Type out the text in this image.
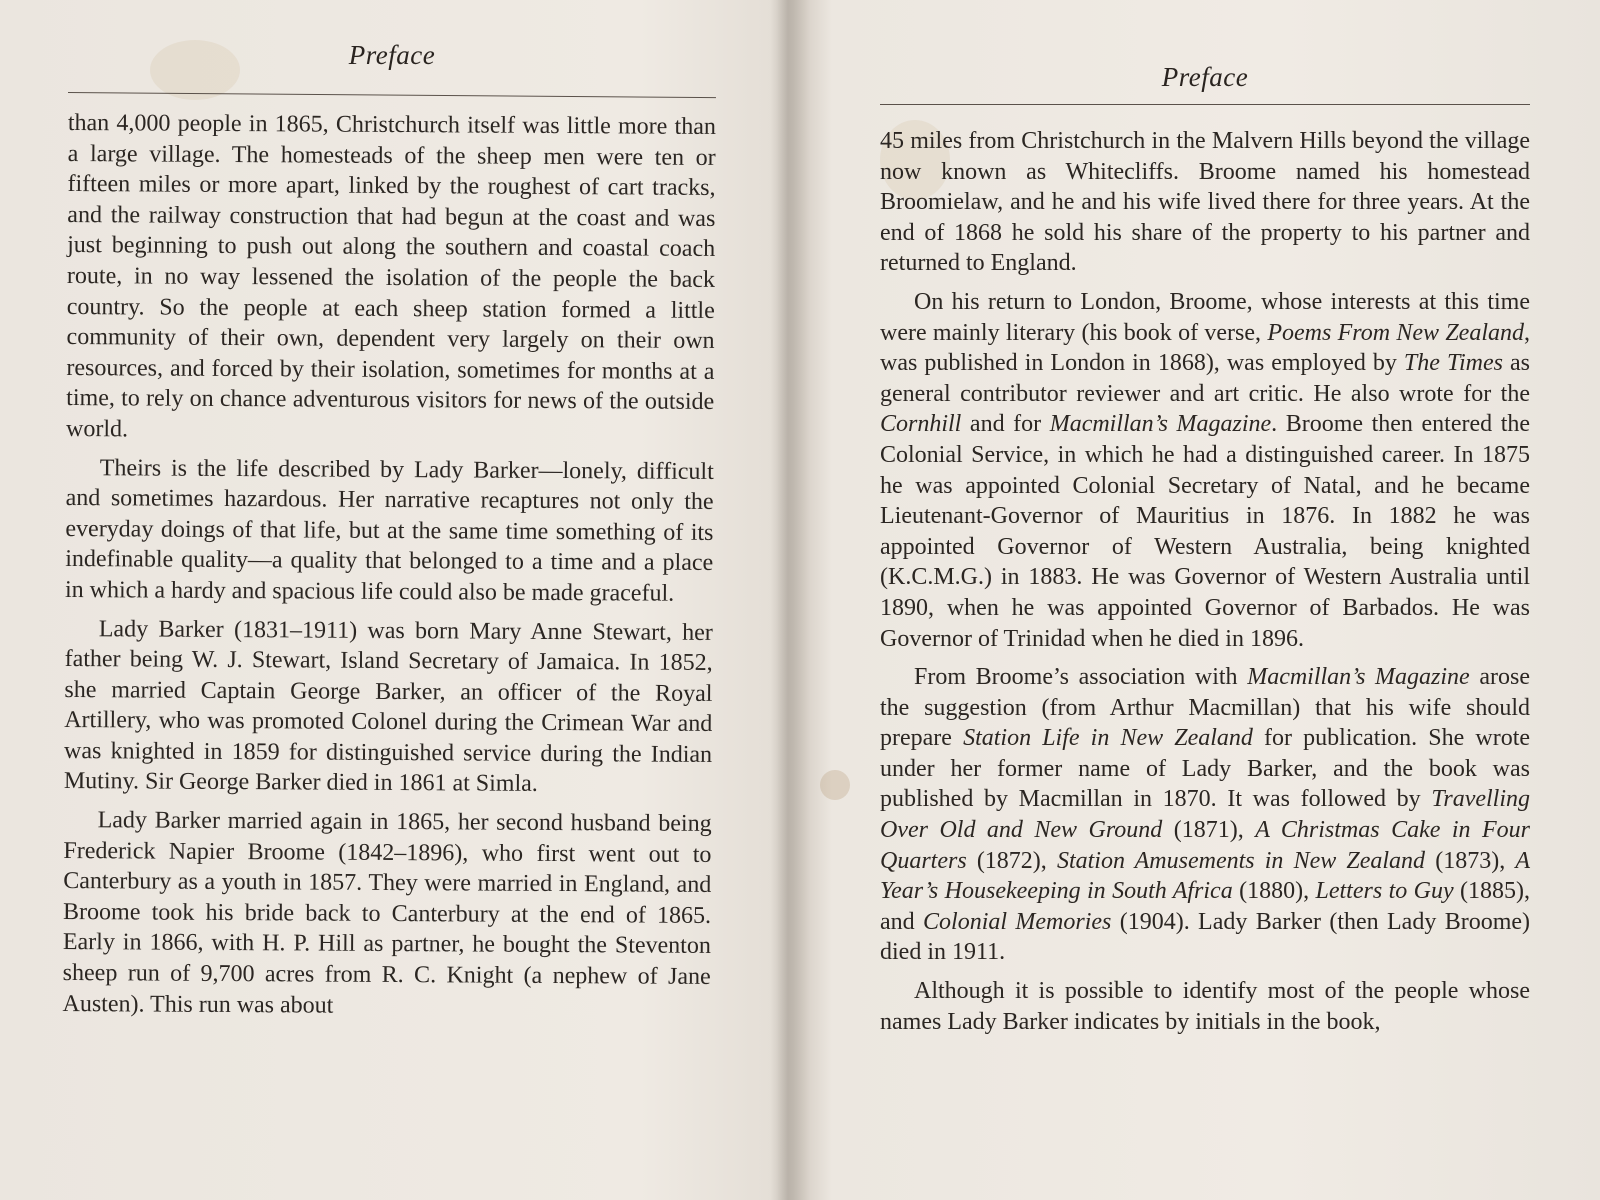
Preface

than 4,000 people in 1865, Christchurch itself was little more than a large village. The homesteads of the sheep men were ten or fifteen miles or more apart, linked by the roughest of cart tracks, and the railway construction that had begun at the coast and was just beginning to push out along the southern and coastal coach route, in no way lessened the isolation of the people the back country. So the people at each sheep station formed a little community of their own, dependent very largely on their own resources, and forced by their isolation, sometimes for months at a time, to rely on chance adventurous visitors for news of the outside world.

Theirs is the life described by Lady Barker—lonely, difficult and sometimes hazardous. Her narrative recaptures not only the everyday doings of that life, but at the same time something of its indefinable quality—a quality that belonged to a time and a place in which a hardy and spacious life could also be made graceful.

Lady Barker (1831–1911) was born Mary Anne Stewart, her father being W. J. Stewart, Island Secretary of Jamaica. In 1852, she married Captain George Barker, an officer of the Royal Artillery, who was promoted Colonel during the Crimean War and was knighted in 1859 for distinguished service during the Indian Mutiny. Sir George Barker died in 1861 at Simla.

Lady Barker married again in 1865, her second husband being Frederick Napier Broome (1842–1896), who first went out to Canterbury as a youth in 1857. They were married in England, and Broome took his bride back to Canterbury at the end of 1865. Early in 1866, with H. P. Hill as partner, he bought the Steventon sheep run of 9,700 acres from R. C. Knight (a nephew of Jane Austen). This run was about

Preface

45 miles from Christchurch in the Malvern Hills beyond the village now known as Whitecliffs. Broome named his homestead Broomielaw, and he and his wife lived there for three years. At the end of 1868 he sold his share of the property to his partner and returned to England.

On his return to London, Broome, whose interests at this time were mainly literary (his book of verse, Poems From New Zealand, was published in London in 1868), was employed by The Times as general contributor reviewer and art critic. He also wrote for the Cornhill and for Macmillan’s Magazine. Broome then entered the Colonial Service, in which he had a distinguished career. In 1875 he was appointed Colonial Secretary of Natal, and he became Lieutenant-Governor of Mauritius in 1876. In 1882 he was appointed Governor of Western Australia, being knighted (K.C.M.G.) in 1883. He was Governor of Western Australia until 1890, when he was appointed Governor of Barbados. He was Governor of Trinidad when he died in 1896.

From Broome’s association with Macmillan’s Magazine arose the suggestion (from Arthur Macmillan) that his wife should prepare Station Life in New Zealand for publication. She wrote under her former name of Lady Barker, and the book was published by Macmillan in 1870. It was followed by Travelling Over Old and New Ground (1871), A Christmas Cake in Four Quarters (1872), Station Amusements in New Zealand (1873), A Year’s Housekeeping in South Africa (1880), Letters to Guy (1885), and Colonial Memories (1904). Lady Barker (then Lady Broome) died in 1911.

Although it is possible to identify most of the people whose names Lady Barker indicates by initials in the book,
